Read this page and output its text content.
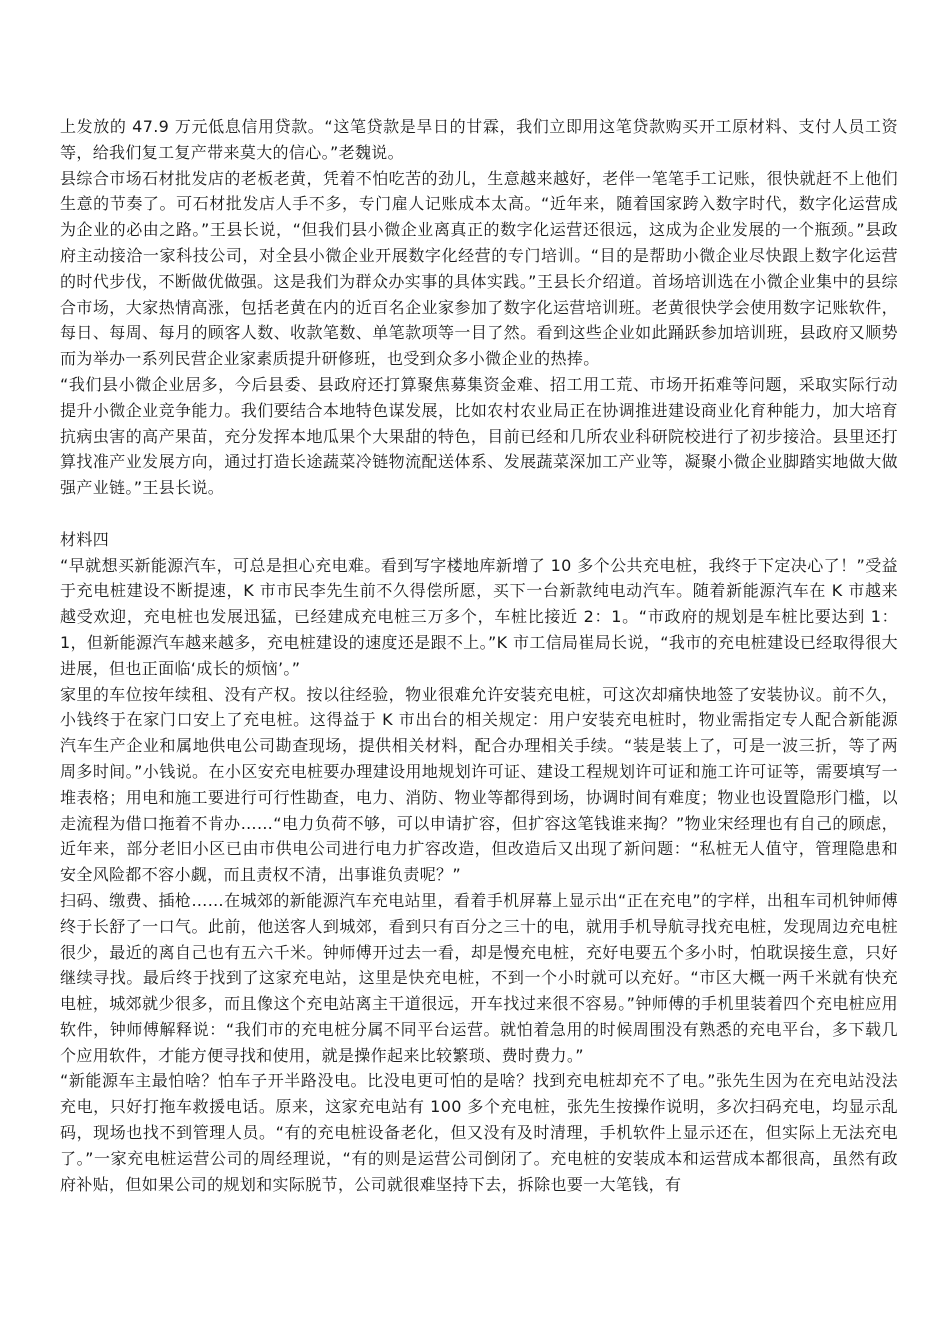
上发放的 47.9 万元低息信用贷款。“这笔贷款是旱日的甘霖，我们立即用这笔贷款购买开工原材料、支付人员工资等，给我们复工复产带来莫大的信心。”老魏说。

县综合市场石材批发店的老板老黄，凭着不怕吃苦的劲儿，生意越来越好，老伴一笔笔手工记账，很快就赶不上他们生意的节奏了。可石材批发店人手不多，专门雇人记账成本太高。“近年来，随着国家跨入数字时代，数字化运营成为企业的必由之路。”王县长说，“但我们县小微企业离真正的数字化运营还很远，这成为企业发展的一个瓶颈。”县政府主动接洽一家科技公司，对全县小微企业开展数字化经营的专门培训。“目的是帮助小微企业尽快跟上数字化运营的时代步伐，不断做优做强。这是我们为群众办实事的具体实践。”王县长介绍道。首场培训选在小微企业集中的县综合市场，大家热情高涨，包括老黄在内的近百名企业家参加了数字化运营培训班。老黄很快学会使用数字记账软件，每日、每周、每月的顾客人数、收款笔数、单笔款项等一目了然。看到这些企业如此踊跃参加培训班，县政府又顺势而为举办一系列民营企业家素质提升研修班，也受到众多小微企业的热捧。

“我们县小微企业居多，今后县委、县政府还打算聚焦募集资金难、招工用工荒、市场开拓难等问题，采取实际行动提升小微企业竞争能力。我们要结合本地特色谋发展，比如农村农业局正在协调推进建设商业化育种能力，加大培育抗病虫害的高产果苗，充分发挥本地瓜果个大果甜的特色，目前已经和几所农业科研院校进行了初步接洽。县里还打算找准产业发展方向，通过打造长途蔬菜冷链物流配送体系、发展蔬菜深加工产业等，凝聚小微企业脚踏实地做大做强产业链。”王县长说。

材料四

“早就想买新能源汽车，可总是担心充电难。看到写字楼地库新增了 10 多个公共充电桩，我终于下定决心了！”受益于充电桩建设不断提速，K 市市民李先生前不久得偿所愿，买下一台新款纯电动汽车。随着新能源汽车在 K 市越来越受欢迎，充电桩也发展迅猛，已经建成充电桩三万多个，车桩比接近 2：1。“市政府的规划是车桩比要达到 1：1，但新能源汽车越来越多，充电桩建设的速度还是跟不上。”K 市工信局崔局长说，“我市的充电桩建设已经取得很大进展，但也正面临‘成长的烦恼’。”

家里的车位按年续租、没有产权。按以往经验，物业很难允许安装充电桩，可这次却痛快地签了安装协议。前不久，小钱终于在家门口安上了充电桩。这得益于 K 市出台的相关规定：用户安装充电桩时，物业需指定专人配合新能源汽车生产企业和属地供电公司勘查现场，提供相关材料，配合办理相关手续。“装是装上了，可是一波三折，等了两周多时间。”小钱说。在小区安充电桩要办理建设用地规划许可证、建设工程规划许可证和施工许可证等，需要填写一堆表格；用电和施工要进行可行性勘查，电力、消防、物业等都得到场，协调时间有难度；物业也设置隐形门槛，以走流程为借口拖着不肯办……“电力负荷不够，可以申请扩容，但扩容这笔钱谁来掏？”物业宋经理也有自己的顾虑，近年来，部分老旧小区已由市供电公司进行电力扩容改造，但改造后又出现了新问题：“私桩无人值守，管理隐患和安全风险都不容小觑，而且责权不清，出事谁负责呢？”

扫码、缴费、插枪……在城郊的新能源汽车充电站里，看着手机屏幕上显示出“正在充电”的字样，出租车司机钟师傅终于长舒了一口气。此前，他送客人到城郊，看到只有百分之三十的电，就用手机导航寻找充电桩，发现周边充电桩很少，最近的离自己也有五六千米。钟师傅开过去一看，却是慢充电桩，充好电要五个多小时，怕耽误接生意，只好继续寻找。最后终于找到了这家充电站，这里是快充电桩，不到一个小时就可以充好。“市区大概一两千米就有快充电桩，城郊就少很多，而且像这个充电站离主干道很远，开车找过来很不容易。”钟师傅的手机里装着四个充电桩应用软件，钟师傅解释说：“我们市的充电桩分属不同平台运营。就怕着急用的时候周围没有熟悉的充电平台，多下载几个应用软件，才能方便寻找和使用，就是操作起来比较繁琐、费时费力。”

“新能源车主最怕啥？怕车子开半路没电。比没电更可怕的是啥？找到充电桩却充不了电。”张先生因为在充电站没法充电，只好打拖车救援电话。原来，这家充电站有 100 多个充电桩，张先生按操作说明，多次扫码充电，均显示乱码，现场也找不到管理人员。“有的充电桩设备老化，但又没有及时清理，手机软件上显示还在，但实际上无法充电了。”一家充电桩运营公司的周经理说，“有的则是运营公司倒闭了。充电桩的安装成本和运营成本都很高，虽然有政府补贴，但如果公司的规划和实际脱节，公司就很难坚持下去，拆除也要一大笔钱，有
